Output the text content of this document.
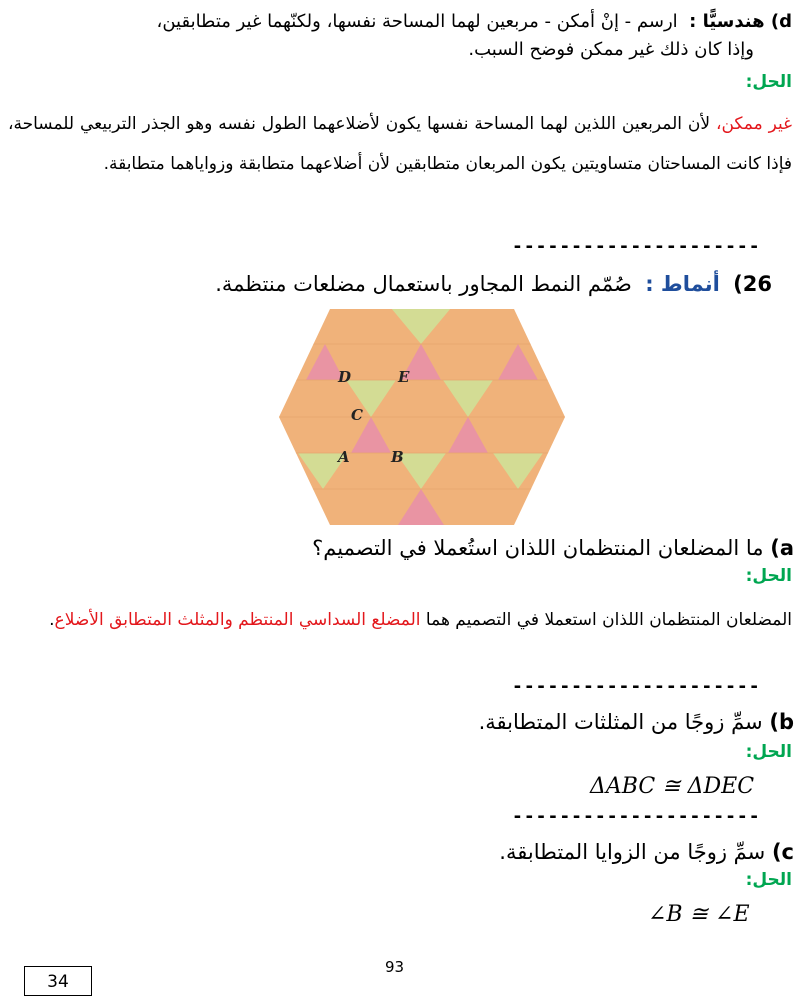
d) هندسيًّا :  ارسم - إنْ أمكن - مربعين لهما المساحة نفسها، ولكنّهما غير متطابقين،

وإذا كان ذلك غير ممكن فوضح السبب.

الحل:
غير ممكن، لأن المربعين اللذين لهما المساحة نفسها يكون لأضلاعهما الطول نفسه وهو الجذر التربيعي للمساحة، فإذا كانت المساحتان متساويتين يكون المربعان متطابقين لأن أضلاعهما متطابقة وزواياهما متطابقة.
---------------------
26)  أنماط :  صُمّم النمط المجاور باستعمال مضلعات منتظمة.
D	E
C
A	B
a) ما المضلعان المنتظمان اللذان استُعملا في التصميم؟
الحل:
المضلعان المنتظمان اللذان استعملا في التصميم هما المضلع السداسي المنتظم والمثلث المتطابق الأضلاع.
---------------------
b) سمِّ زوجًا من المثلثات المتطابقة.
الحل:
ΔABC ≅ ΔDEC
---------------------
c) سمِّ زوجًا من الزوايا المتطابقة.
الحل:
∠B ≅ ∠E
93
34
